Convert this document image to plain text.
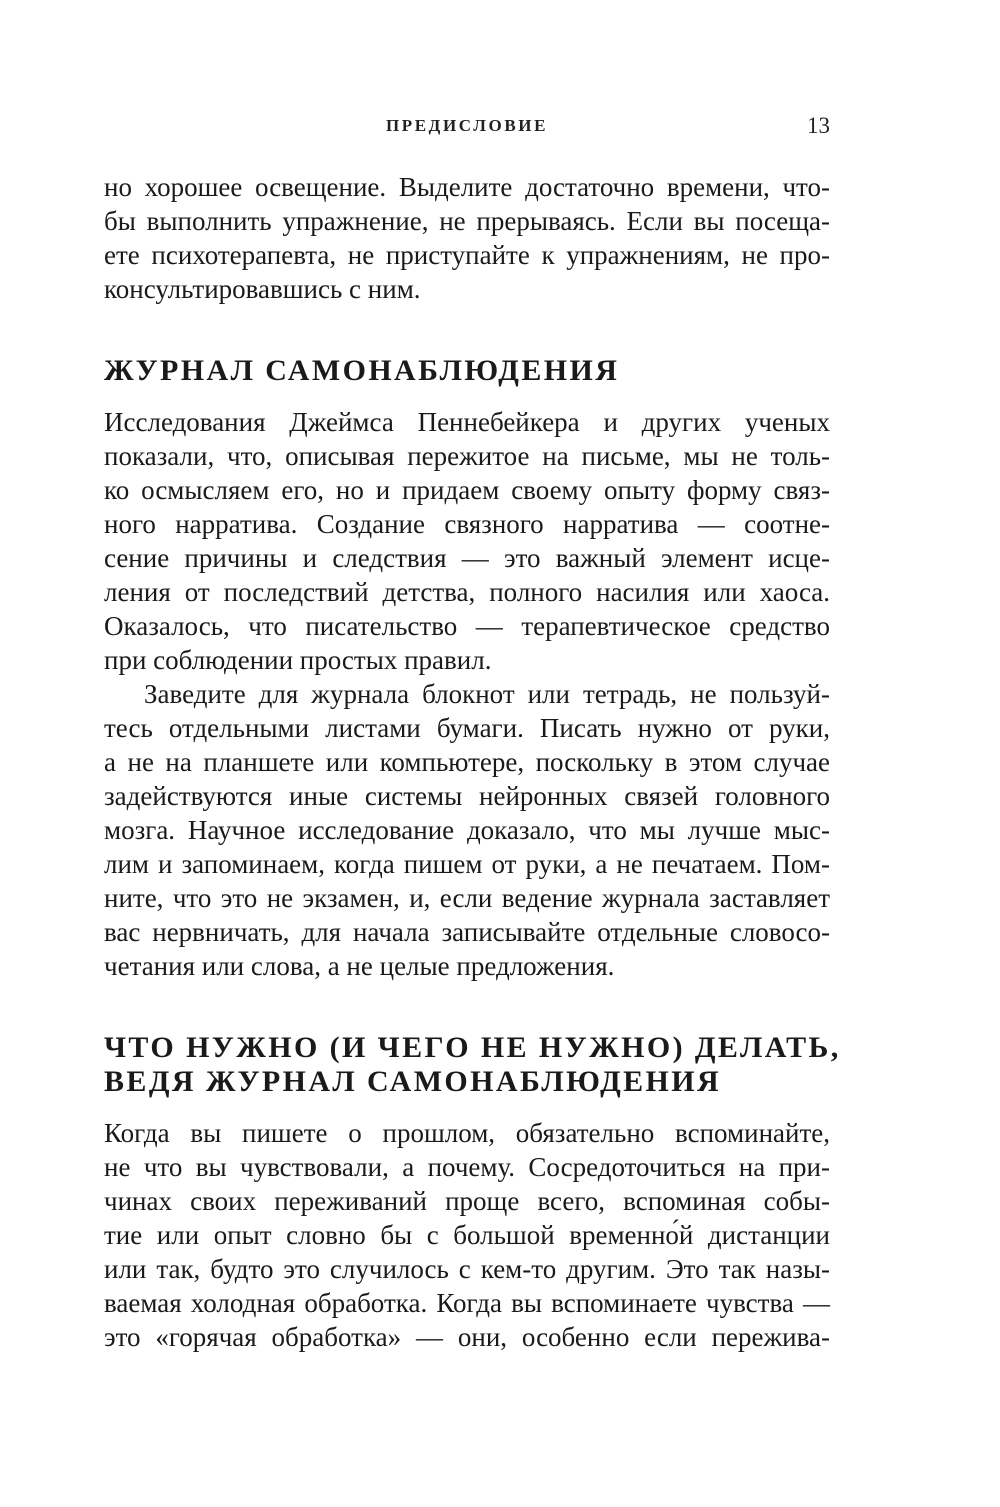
ПРЕДИСЛОВИЕ	13
но хорошее освещение. Выделите достаточно времени, что-
бы выполнить упражнение, не прерываясь. Если вы посеща-
ете психотерапевта, не приступайте к упражнениям, не про-
консультировавшись с ним.
ЖУРНАЛ САМОНАБЛЮДЕНИЯ
Исследования Джеймса Пеннебейкера и других ученых
показали, что, описывая пережитое на письме, мы не толь-
ко осмысляем его, но и придаем своему опыту форму связ-
ного нарратива. Создание связного нарратива — соотне-
сение причины и следствия — это важный элемент исце-
ления от последствий детства, полного насилия или хаоса.
Оказалось, что писательство — терапевтическое средство
при соблюдении простых правил.
Заведите для журнала блокнот или тетрадь, не пользуй-
тесь отдельными листами бумаги. Писать нужно от руки,
а не на планшете или компьютере, поскольку в этом случае
задействуются иные системы нейронных связей головного
мозга. Научное исследование доказало, что мы лучше мыс-
лим и запоминаем, когда пишем от руки, а не печатаем. Пом-
ните, что это не экзамен, и, если ведение журнала заставляет
вас нервничать, для начала записывайте отдельные словосо-
четания или слова, а не целые предложения.
ЧТО НУЖНО (И ЧЕГО НЕ НУЖНО) ДЕЛАТЬ,
ВЕДЯ ЖУРНАЛ САМОНАБЛЮДЕНИЯ
Когда вы пишете о прошлом, обязательно вспоминайте,
не что вы чувствовали, а почему. Сосредоточиться на при-
чинах своих переживаний проще всего, вспоминая собы-
тие или опыт словно бы с большой временно́й дистанции
или так, будто это случилось с кем-то другим. Это так назы-
ваемая холодная обработка. Когда вы вспоминаете чувства —
это «горячая обработка» — они, особенно если пережива-
